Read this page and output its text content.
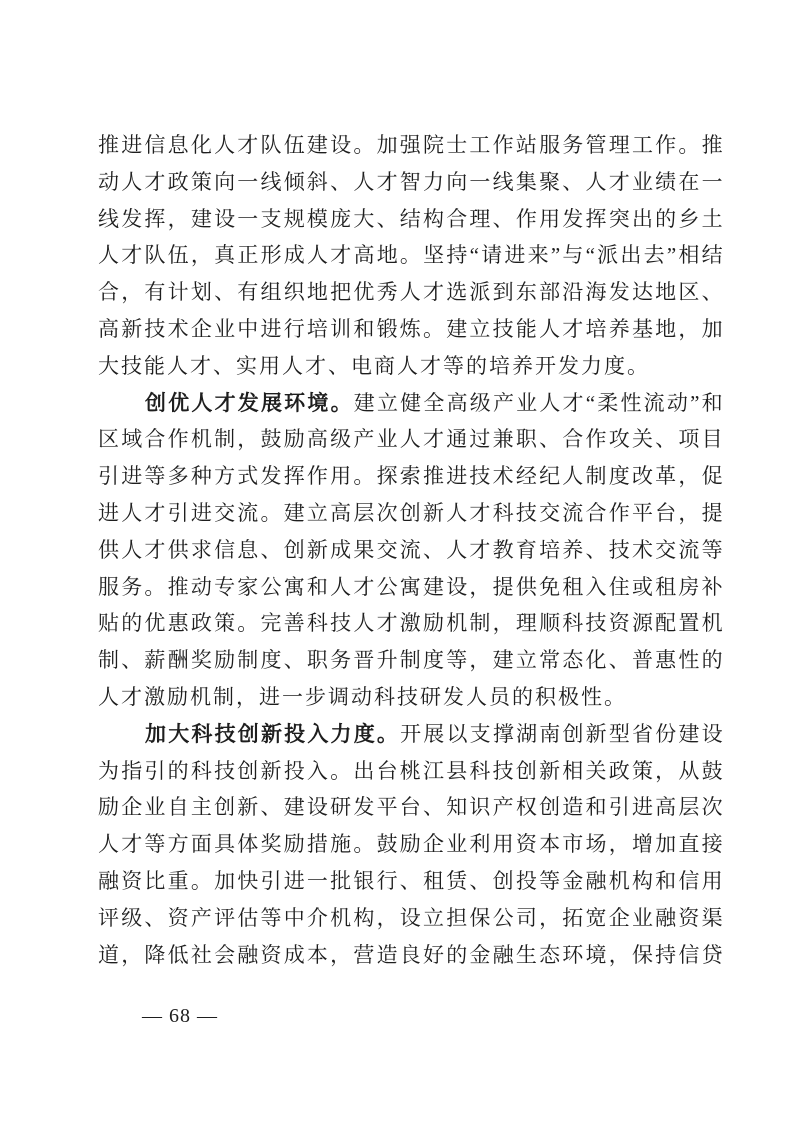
推进信息化人才队伍建设。加强院士工作站服务管理工作。推
动人才政策向一线倾斜、人才智力向一线集聚、人才业绩在一
线发挥，建设一支规模庞大、结构合理、作用发挥突出的乡土
人才队伍，真正形成人才高地。坚持“请进来”与“派出去”相结
合，有计划、有组织地把优秀人才选派到东部沿海发达地区、
高新技术企业中进行培训和锻炼。建立技能人才培养基地，加
大技能人才、实用人才、电商人才等的培养开发力度。
创优人才发展环境。建立健全高级产业人才“柔性流动”和
区域合作机制，鼓励高级产业人才通过兼职、合作攻关、项目
引进等多种方式发挥作用。探索推进技术经纪人制度改革，促
进人才引进交流。建立高层次创新人才科技交流合作平台，提
供人才供求信息、创新成果交流、人才教育培养、技术交流等
服务。推动专家公寓和人才公寓建设，提供免租入住或租房补
贴的优惠政策。完善科技人才激励机制，理顺科技资源配置机
制、薪酬奖励制度、职务晋升制度等，建立常态化、普惠性的
人才激励机制，进一步调动科技研发人员的积极性。
加大科技创新投入力度。开展以支撑湖南创新型省份建设
为指引的科技创新投入。出台桃江县科技创新相关政策，从鼓
励企业自主创新、建设研发平台、知识产权创造和引进高层次
人才等方面具体奖励措施。鼓励企业利用资本市场，增加直接
融资比重。加快引进一批银行、租赁、创投等金融机构和信用
评级、资产评估等中介机构，设立担保公司，拓宽企业融资渠
道，降低社会融资成本，营造良好的金融生态环境，保持信贷
— 68 —
